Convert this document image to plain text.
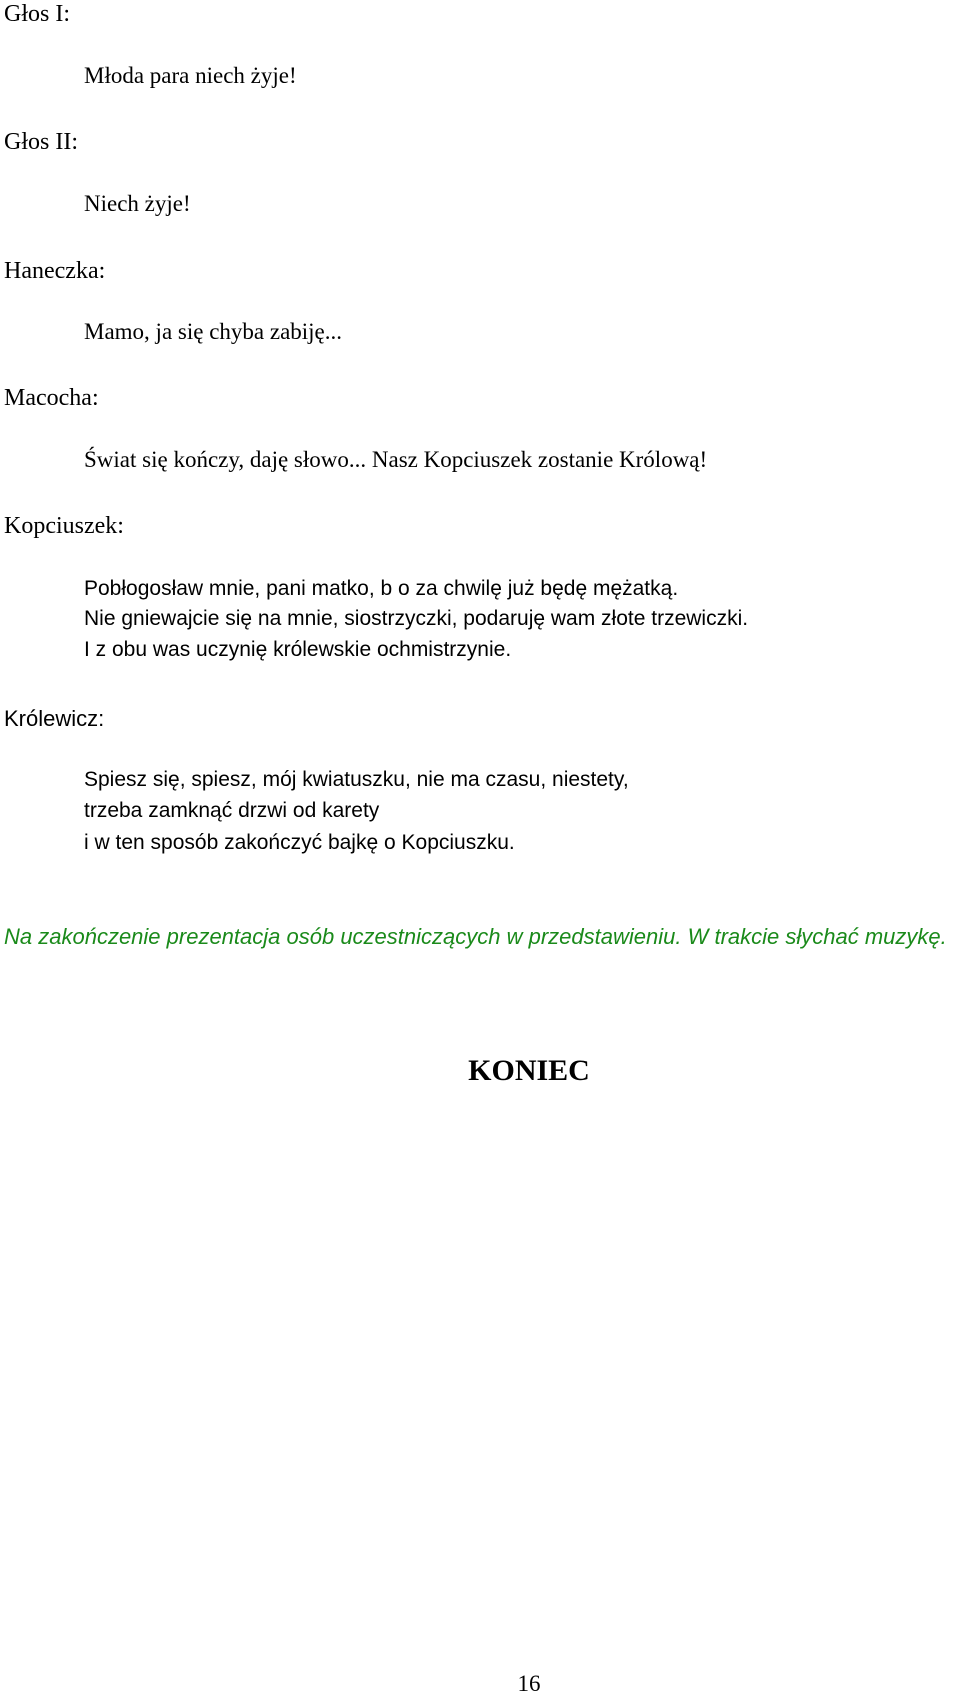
Głos I:
Młoda para niech żyje!
Głos II:
Niech żyje!
Haneczka:
Mamo, ja się chyba zabiję...
Macocha:
Świat się kończy, daję słowo... Nasz Kopciuszek zostanie Królową!
Kopciuszek:
Pobłogosław mnie, pani matko, b o za chwilę już będę mężatką.
Nie gniewajcie się na mnie, siostrzyczki, podaruję wam złote trzewiczki.
I z obu was uczynię królewskie ochmistrzynie.
Królewicz:
Spiesz się, spiesz, mój kwiatuszku, nie ma czasu, niestety,
trzeba zamknąć drzwi od karety
i w ten sposób zakończyć bajkę o Kopciuszku.
Na zakończenie prezentacja osób uczestniczących w przedstawieniu. W trakcie słychać muzykę.
KONIEC
16
